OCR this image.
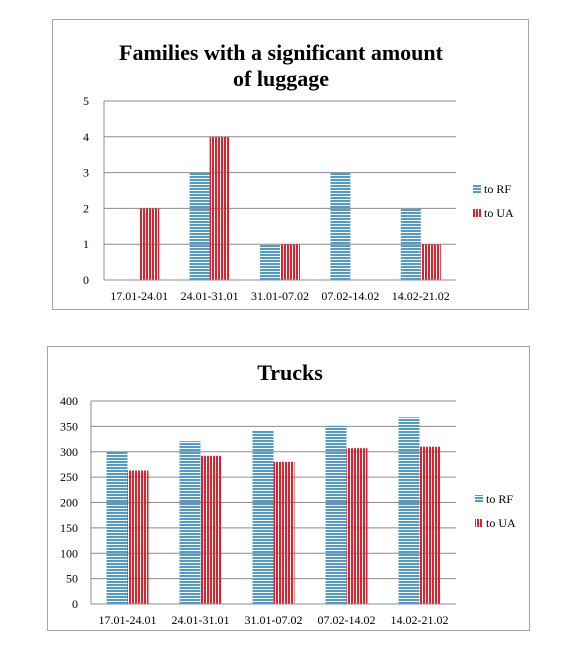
Families with a significant amount
of luggage
0
1
2
3
4
5
17.01-24.01 24.01-31.01 31.01-07.02 07.02-14.02 14.02-21.02
to RF
to UA
Trucks
0
50
100
150
200
250
300
350
400
17.01-24.01 24.01-31.01 31.01-07.02 07.02-14.02 14.02-21.02
to RF
to UA
